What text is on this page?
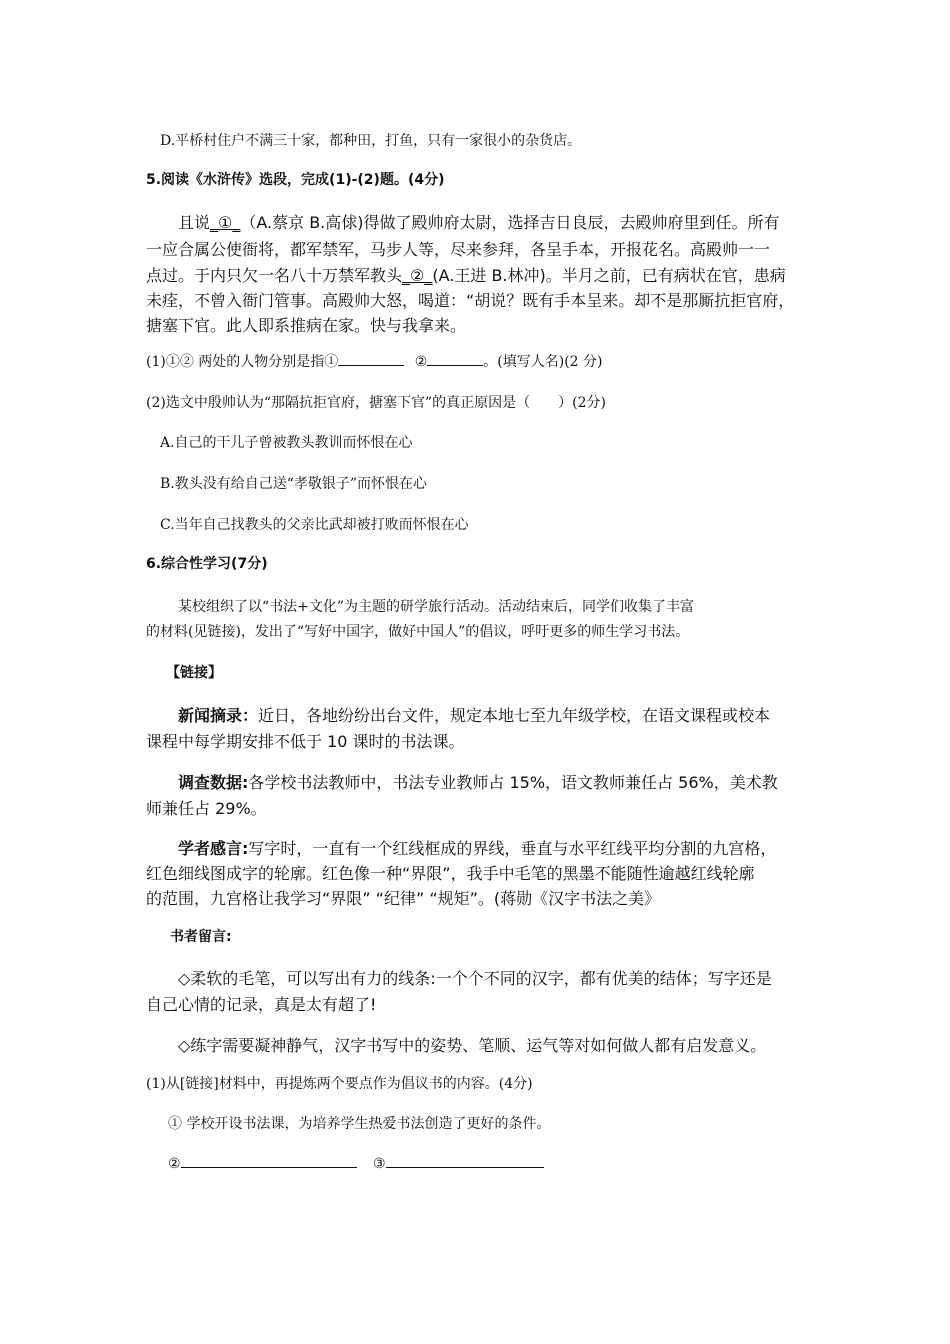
D.平桥村住户不满三十家，都种田，打鱼，只有一家很小的杂货店。
5.阅读《水浒传》选段，完成(1)-(2)题。(4分)
且说_①_（A.蔡京 B.高俅)得做了殿帅府太尉，选择吉日良辰，去殿帅府里到任。所有
一应合属公使衙将，都军禁军，马步人等，尽来参拜，各呈手本，开报花名。高殿帅一一
点过。于内只欠一名八十万禁军教头_②_(A.王进 B.林冲)。半月之前，已有病状在官，患病
未痊，不曾入衙门管事。高殿帅大怒，喝道：“胡说？既有手本呈来。却不是那厮抗拒官府，
搪塞下官。此人即系推病在家。快与我拿来。
(1)①② 两处的人物分别是指①	②	。(填写人名)(2 分)
(2)选文中殷帅认为“那隔抗拒官府，搪塞下官”的真正原因是（　　）(2分)
A.自己的干儿子曾被教头教训而怀恨在心
B.教头没有给自己送“孝敬银子”而怀恨在心
C.当年自己找教头的父亲比武却被打败而怀恨在心
6.综合性学习(7分)
某校组织了以“书法+文化”为主题的研学旅行活动。活动结束后，同学们收集了丰富
的材料(见链接)，发出了“写好中国字，做好中国人”的倡议，呼吁更多的师生学习书法。
【链接】
新闻摘录：近日，各地纷纷出台文件，规定本地七至九年级学校，在语文课程或校本
课程中每学期安排不低于 10 课时的书法课。
调查数据:各学校书法教师中，书法专业教师占 15%，语文教师兼任占 56%，美术教
师兼任占 29%。
学者感言:写字时，一直有一个红线框成的界线，垂直与水平红线平均分割的九宫格，
红色细线图成字的轮廓。红色像一种“界限”，我手中毛笔的黑墨不能随性逾越红线轮廓
的范围，九宫格让我学习“界限” “纪律” “规矩”。(蒋勋《汉字书法之美》
书者留言:
◇柔软的毛笔，可以写出有力的线条:一个个不同的汉字，都有优美的结体；写字还是
自己心情的记录，真是太有超了!
◇练字需要凝神静气，汉字书写中的姿势、笔顺、运气等对如何做人都有启发意义。
(1)从[链接]材料中，再提炼两个要点作为倡议书的内容。(4分)
① 学校开设书法课，为培养学生热爱书法创造了更好的条件。
②	③
